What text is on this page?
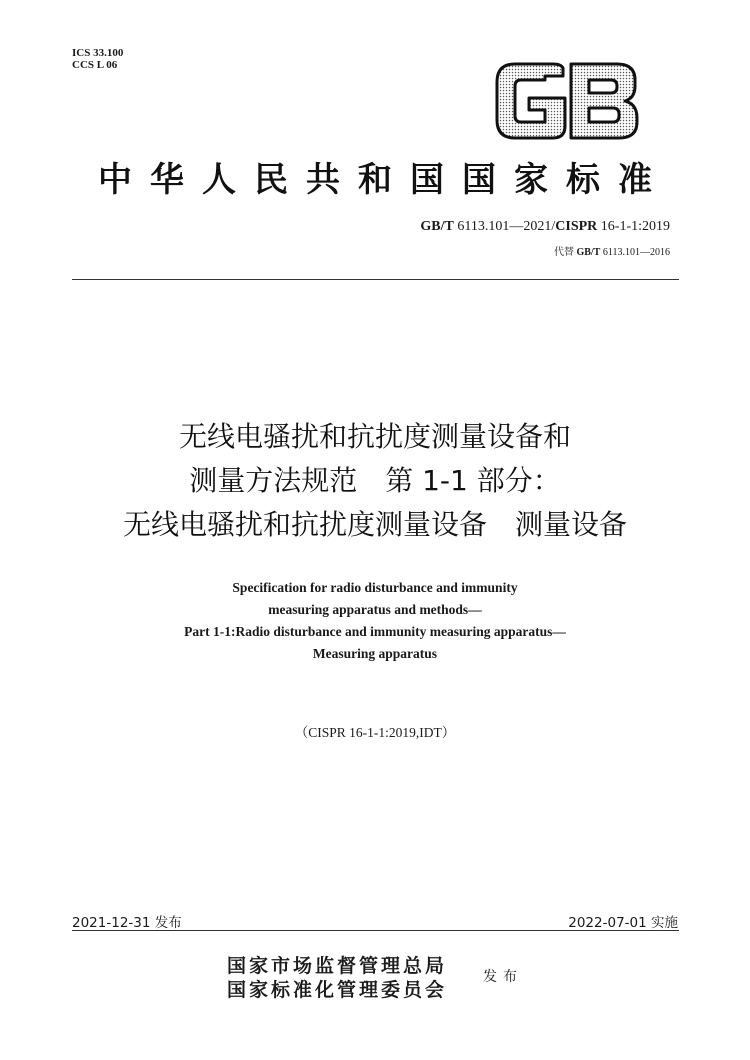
ICS 33.100
CCS L 06
中华人民共和国国家标准
GB/T 6113.101—2021/CISPR 16-1-1:2019
代替 GB/T 6113.101—2016
无线电骚扰和抗扰度测量设备和
测量方法规范　第 1-1 部分：
无线电骚扰和抗扰度测量设备　测量设备
Specification for radio disturbance and immunity
measuring apparatus and methods—
Part 1-1:Radio disturbance and immunity measuring apparatus—
Measuring apparatus
（CISPR 16-1-1:2019,IDT）
2021-12-31 发布	2022-07-01 实施
国家市场监督管理总局
国家标准化管理委员会
发布
